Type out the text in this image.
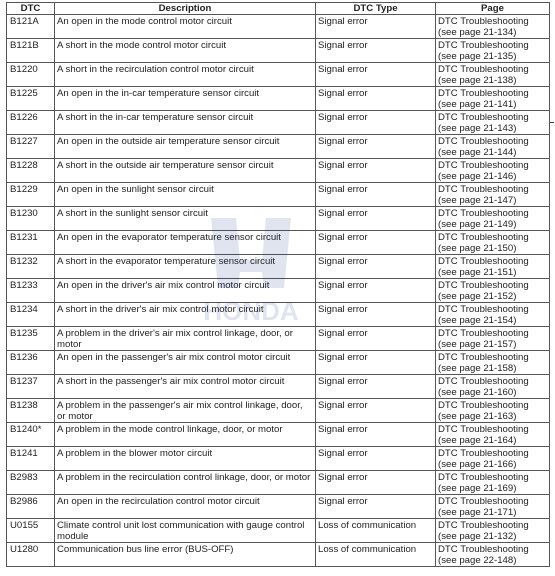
DTC	Description	DTC Type	Page
B121A	An open in the mode control motor circuit	Signal error	DTC Troubleshooting
(see page 21-134)

B121B	A short in the mode control motor circuit	Signal error	DTC Troubleshooting
(see page 21-135)

B1220	A short in the recirculation control motor circuit	Signal error	DTC Troubleshooting
(see page 21-138)

B1225	An open in the in-car temperature sensor circuit	Signal error	DTC Troubleshooting
(see page 21-141)

B1226	A short in the in-car temperature sensor circuit	Signal error	DTC Troubleshooting
(see page 21-143)

B1227	An open in the outside air temperature sensor circuit	Signal error	DTC Troubleshooting
(see page 21-144)

B1228	A short in the outside air temperature sensor circuit	Signal error	DTC Troubleshooting
(see page 21-146)

B1229	An open in the sunlight sensor circuit	Signal error	DTC Troubleshooting
(see page 21-147)

B1230	A short in the sunlight sensor circuit	Signal error	DTC Troubleshooting
(see page 21-149)

B1231	An open in the evaporator temperature sensor circuit	Signal error	DTC Troubleshooting
(see page 21-150)

B1232	A short in the evaporator temperature sensor circuit	Signal error	DTC Troubleshooting
(see page 21-151)

B1233	An open in the driver's air mix control motor circuit	Signal error	DTC Troubleshooting
(see page 21-152)

B1234	A short in the driver's air mix control motor circuit	Signal error	DTC Troubleshooting
(see page 21-154)

B1235	A problem in the driver's air mix control linkage, door, or motor	Signal error	DTC Troubleshooting
(see page 21-157)

B1236	An open in the passenger's air mix control motor circuit	Signal error	DTC Troubleshooting
(see page 21-158)

B1237	A short in the passenger's air mix control motor circuit	Signal error	DTC Troubleshooting
(see page 21-160)

B1238	A problem in the passenger's air mix control linkage, door, or motor	Signal error	DTC Troubleshooting
(see page 21-163)

B1240*	A problem in the mode control linkage, door, or motor	Signal error	DTC Troubleshooting
(see page 21-164)

B1241	A problem in the blower motor circuit	Signal error	DTC Troubleshooting
(see page 21-166)

B2983	A problem in the recirculation control linkage, door, or motor	Signal error	DTC Troubleshooting
(see page 21-169)

B2986	An open in the recirculation control motor circuit	Signal error	DTC Troubleshooting
(see page 21-171)

U0155	Climate control unit lost communication with gauge control module	Loss of communication	DTC Troubleshooting
(see page 21-132)

U1280	Communication bus line error (BUS-OFF)	Loss of communication	DTC Troubleshooting
(see page 22-148)
HONDA
